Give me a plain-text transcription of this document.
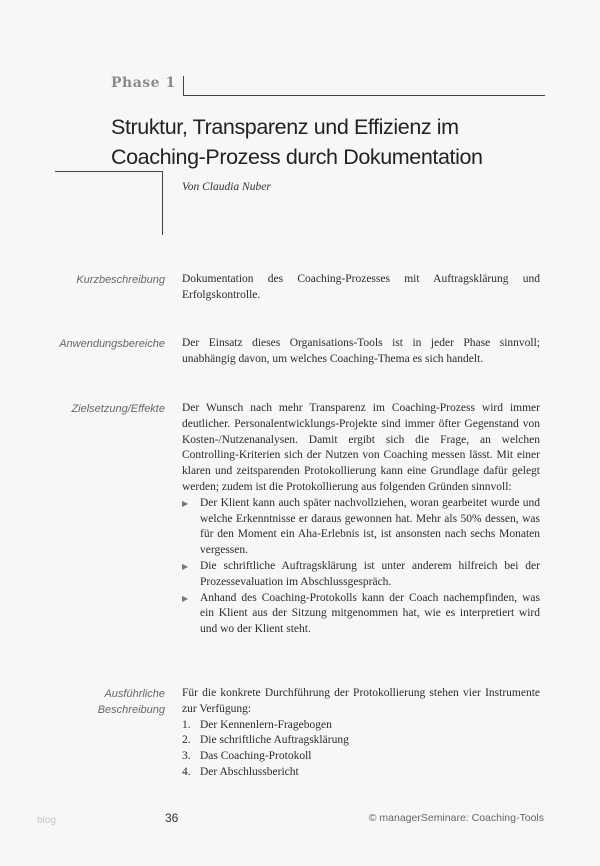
Phase 1
Struktur, Transparenz und Effizienz im
Coaching-Prozess durch Dokumentation
Von Claudia Nuber
Kurzbeschreibung Dokumentation des Coaching-Prozesses mit Auftragsklärung und Erfolgskontrolle.

Anwendungsbereiche Der Einsatz dieses Organisations-Tools ist in jeder Phase sinnvoll; unabhängig davon, um welches Coaching-Thema es sich handelt.

Zielsetzung/Effekte Der Wunsch nach mehr Transparenz im Coaching-Prozess wird immer deutlicher. Personalentwicklungs-Projekte sind immer öfter Gegenstand von Kosten-/Nutzenanalysen. Damit ergibt sich die Frage, an welchen Controlling-Kriterien sich der Nutzen von Coaching messen lässt. Mit einer klaren und zeitsparenden Protokollierung kann eine Grundlage dafür gelegt werden; zudem ist die Protokollierung aus folgenden Gründen sinnvoll:

▶ Der Klient kann auch später nachvollziehen, woran gearbeitet wurde und welche Erkenntnisse er daraus gewonnen hat. Mehr als 50% dessen, was für den Moment ein Aha-Erlebnis ist, ist ansonsten nach sechs Monaten vergessen.
▶ Die schriftliche Auftragsklärung ist unter anderem hilfreich bei der Prozessevaluation im Abschlussgespräch.
▶ Anhand des Coaching-Protokolls kann der Coach nachempfinden, was ein Klient aus der Sitzung mitgenommen hat, wie es interpretiert wird und wo der Klient steht.
Ausführliche
Beschreibung

Für die konkrete Durchführung der Protokollierung stehen vier Instrumente zur Verfügung:

1. Der Kennenlern-Fragebogen
2. Die schriftliche Auftragsklärung
3. Das Coaching-Protokoll
4. Der Abschlussbericht
blog	36	© managerSeminare: Coaching-Tools
